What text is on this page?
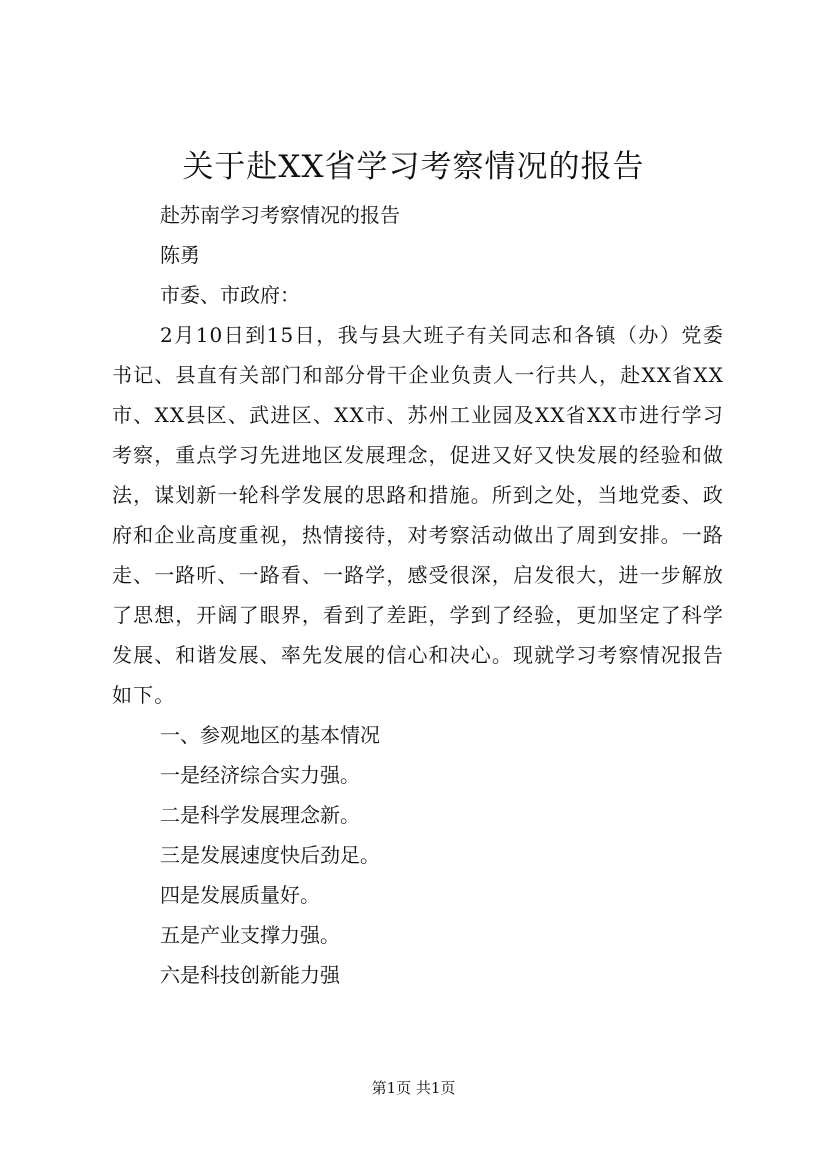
关于赴XX省学习考察情况的报告

赴苏南学习考察情况的报告

陈勇

市委、市政府：

2月10日到15日，我与县大班子有关同志和各镇（办）党委书记、县直有关部门和部分骨干企业负责人一行共人，赴XX省XX市、XX县区、武进区、XX市、苏州工业园及XX省XX市进行学习考察，重点学习先进地区发展理念，促进又好又快发展的经验和做法，谋划新一轮科学发展的思路和措施。所到之处，当地党委、政府和企业高度重视，热情接待，对考察活动做出了周到安排。一路走、一路听、一路看、一路学，感受很深，启发很大，进一步解放了思想，开阔了眼界，看到了差距，学到了经验，更加坚定了科学发展、和谐发展、率先发展的信心和决心。现就学习考察情况报告如下。

一、参观地区的基本情况

一是经济综合实力强。

二是科学发展理念新。

三是发展速度快后劲足。

四是发展质量好。

五是产业支撑力强。

六是科技创新能力强

第1页 共1页
